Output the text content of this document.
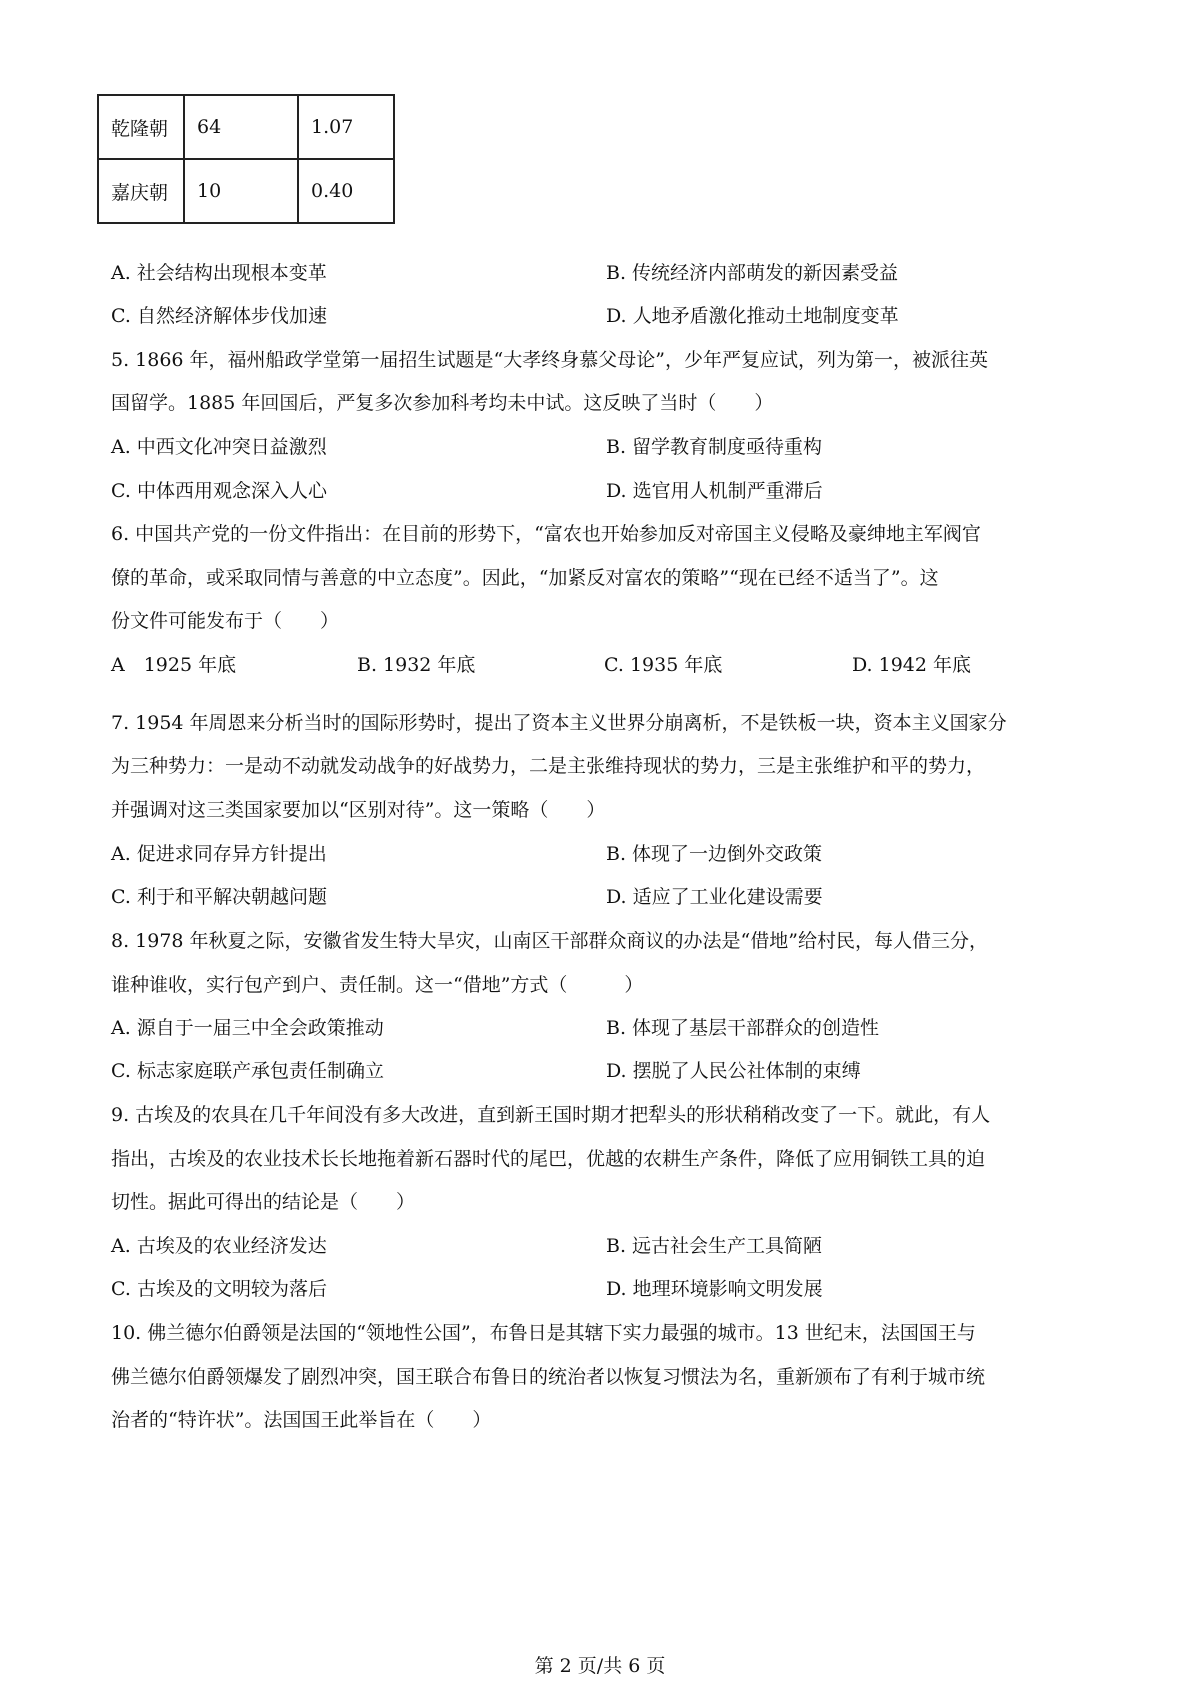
乾隆朝	64	1.07
嘉庆朝	10	0.40
A. 社会结构出现根本变革	B. 传统经济内部萌发的新因素受益
C. 自然经济解体步伐加速	D. 人地矛盾激化推动土地制度变革
5. 1866 年，福州船政学堂第一届招生试题是“大孝终身慕父母论”，少年严复应试，列为第一，被派往英
国留学。1885 年回国后，严复多次参加科考均未中试。这反映了当时（　　）
A. 中西文化冲突日益激烈	B. 留学教育制度亟待重构
C. 中体西用观念深入人心	D. 选官用人机制严重滞后
6. 中国共产党的一份文件指出：在目前的形势下，“富农也开始参加反对帝国主义侵略及豪绅地主军阀官
僚的革命，或采取同情与善意的中立态度”。因此，“加紧反对富农的策略”“现在已经不适当了”。这
份文件可能发布于（　　）
A　1925 年底	B. 1932 年底	C. 1935 年底	D. 1942 年底
7. 1954 年周恩来分析当时的国际形势时，提出了资本主义世界分崩离析，不是铁板一块，资本主义国家分
为三种势力：一是动不动就发动战争的好战势力，二是主张维持现状的势力，三是主张维护和平的势力，
并强调对这三类国家要加以“区别对待”。这一策略（　　）
A. 促进求同存异方针提出	B. 体现了一边倒外交政策
C. 利于和平解决朝越问题	D. 适应了工业化建设需要
8. 1978 年秋夏之际，安徽省发生特大旱灾，山南区干部群众商议的办法是“借地”给村民，每人借三分，
谁种谁收，实行包产到户、责任制。这一“借地”方式（　　　）
A. 源自于一届三中全会政策推动	B. 体现了基层干部群众的创造性
C. 标志家庭联产承包责任制确立	D. 摆脱了人民公社体制的束缚
9. 古埃及的农具在几千年间没有多大改进，直到新王国时期才把犁头的形状稍稍改变了一下。就此，有人
指出，古埃及的农业技术长长地拖着新石器时代的尾巴，优越的农耕生产条件，降低了应用铜铁工具的迫
切性。据此可得出的结论是（　　）
A. 古埃及的农业经济发达	B. 远古社会生产工具简陋
C. 古埃及的文明较为落后	D. 地理环境影响文明发展
10. 佛兰德尔伯爵领是法国的“领地性公国”，布鲁日是其辖下实力最强的城市。13 世纪末，法国国王与
佛兰德尔伯爵领爆发了剧烈冲突，国王联合布鲁日的统治者以恢复习惯法为名，重新颁布了有利于城市统
治者的“特许状”。法国国王此举旨在（　　）
第 2 页/共 6 页
